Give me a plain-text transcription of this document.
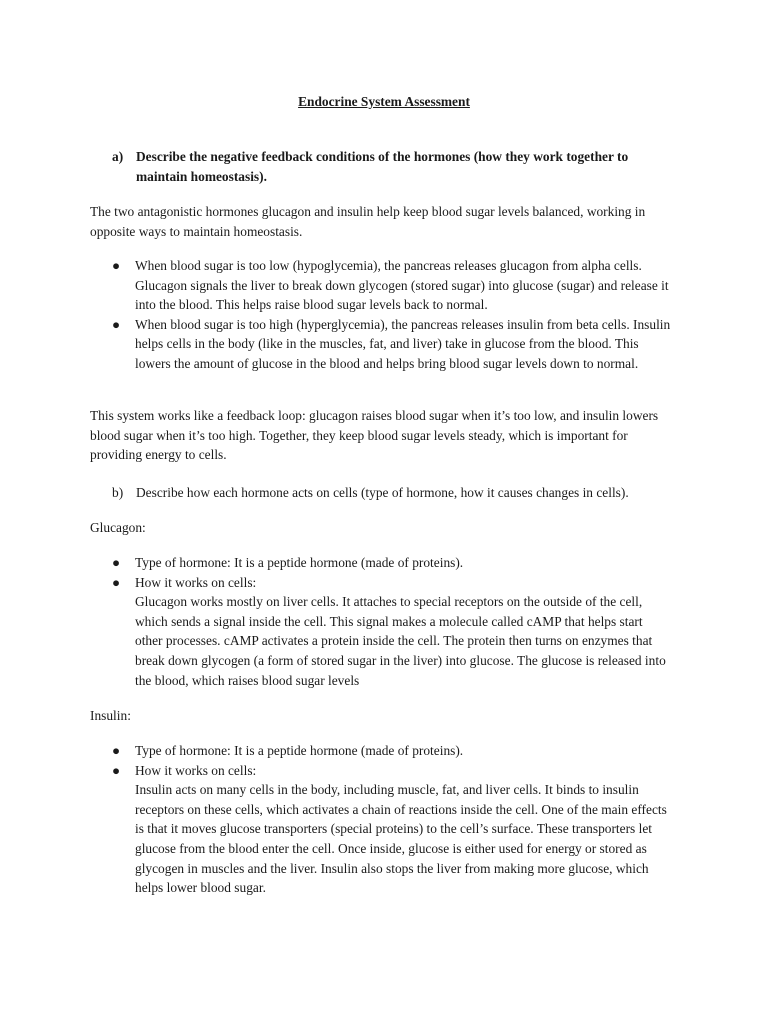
Endocrine System Assessment
a) Describe the negative feedback conditions of the hormones (how they work together to maintain homeostasis).

The two antagonistic hormones glucagon and insulin help keep blood sugar levels balanced, working in opposite ways to maintain homeostasis.

● When blood sugar is too low (hypoglycemia), the pancreas releases glucagon from alpha cells. Glucagon signals the liver to break down glycogen (stored sugar) into glucose (sugar) and release it into the blood. This helps raise blood sugar levels back to normal.
● When blood sugar is too high (hyperglycemia), the pancreas releases insulin from beta cells. Insulin helps cells in the body (like in the muscles, fat, and liver) take in glucose from the blood. This lowers the amount of glucose in the blood and helps bring blood sugar levels down to normal.

This system works like a feedback loop: glucagon raises blood sugar when it’s too low, and insulin lowers blood sugar when it’s too high. Together, they keep blood sugar levels steady, which is important for providing energy to cells.

b) Describe how each hormone acts on cells (type of hormone, how it causes changes in cells).

Glucagon:

● Type of hormone: It is a peptide hormone (made of proteins).
● How it works on cells:
Glucagon works mostly on liver cells. It attaches to special receptors on the outside of the cell, which sends a signal inside the cell. This signal makes a molecule called cAMP that helps start other processes. cAMP activates a protein inside the cell. The protein then turns on enzymes that break down glycogen (a form of stored sugar in the liver) into glucose. The glucose is released into the blood, which raises blood sugar levels

Insulin:

● Type of hormone: It is a peptide hormone (made of proteins).
● How it works on cells:
Insulin acts on many cells in the body, including muscle, fat, and liver cells. It binds to insulin receptors on these cells, which activates a chain of reactions inside the cell. One of the main effects is that it moves glucose transporters (special proteins) to the cell’s surface. These transporters let glucose from the blood enter the cell. Once inside, glucose is either used for energy or stored as glycogen in muscles and the liver. Insulin also stops the liver from making more glucose, which helps lower blood sugar.
